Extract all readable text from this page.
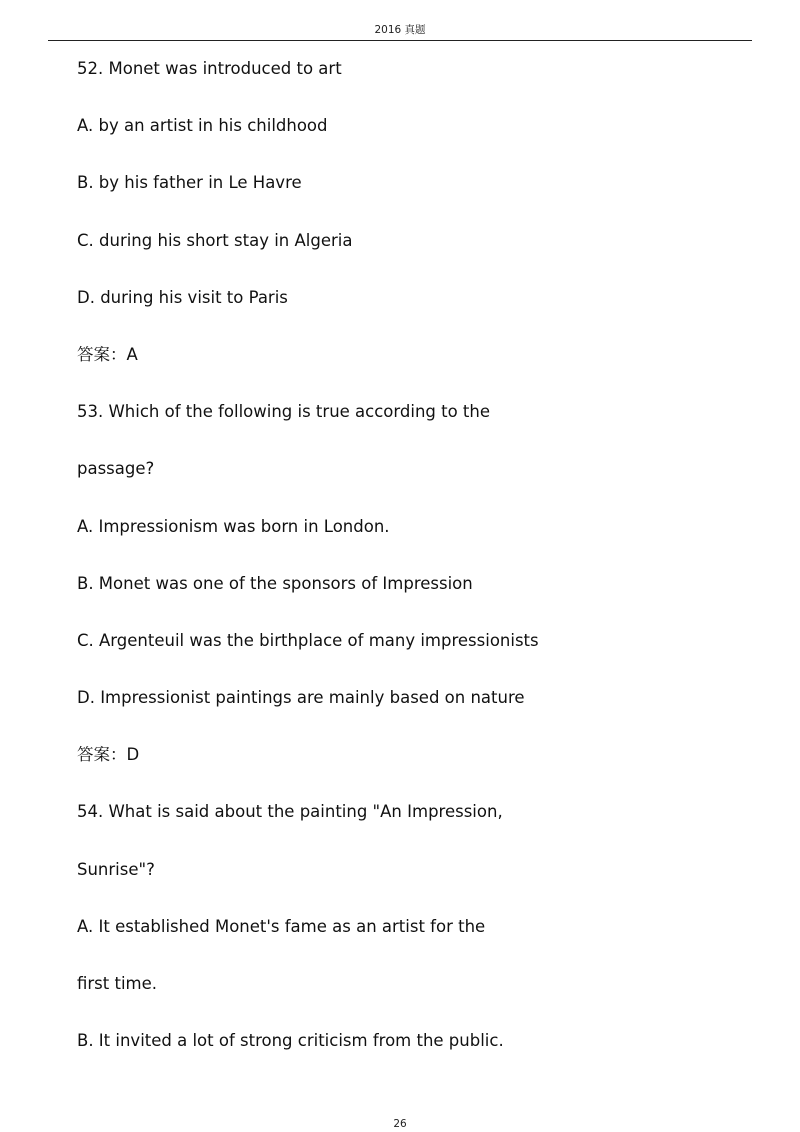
2016 真题
52. Monet was introduced to art
A. by an artist in his childhood
B. by his father in Le Havre
C. during his short stay in Algeria
D. during his visit to Paris
答案：A
53. Which of the following is true according to the
passage?
A. Impressionism was born in London.
B. Monet was one of the sponsors of Impression
C. Argenteuil was the birthplace of many impressionists
D. Impressionist paintings are mainly based on nature
答案：D
54. What is said about the painting "An Impression,
Sunrise"?
A. It established Monet's fame as an artist for the
first time.
B. It invited a lot of strong criticism from the public.
26
